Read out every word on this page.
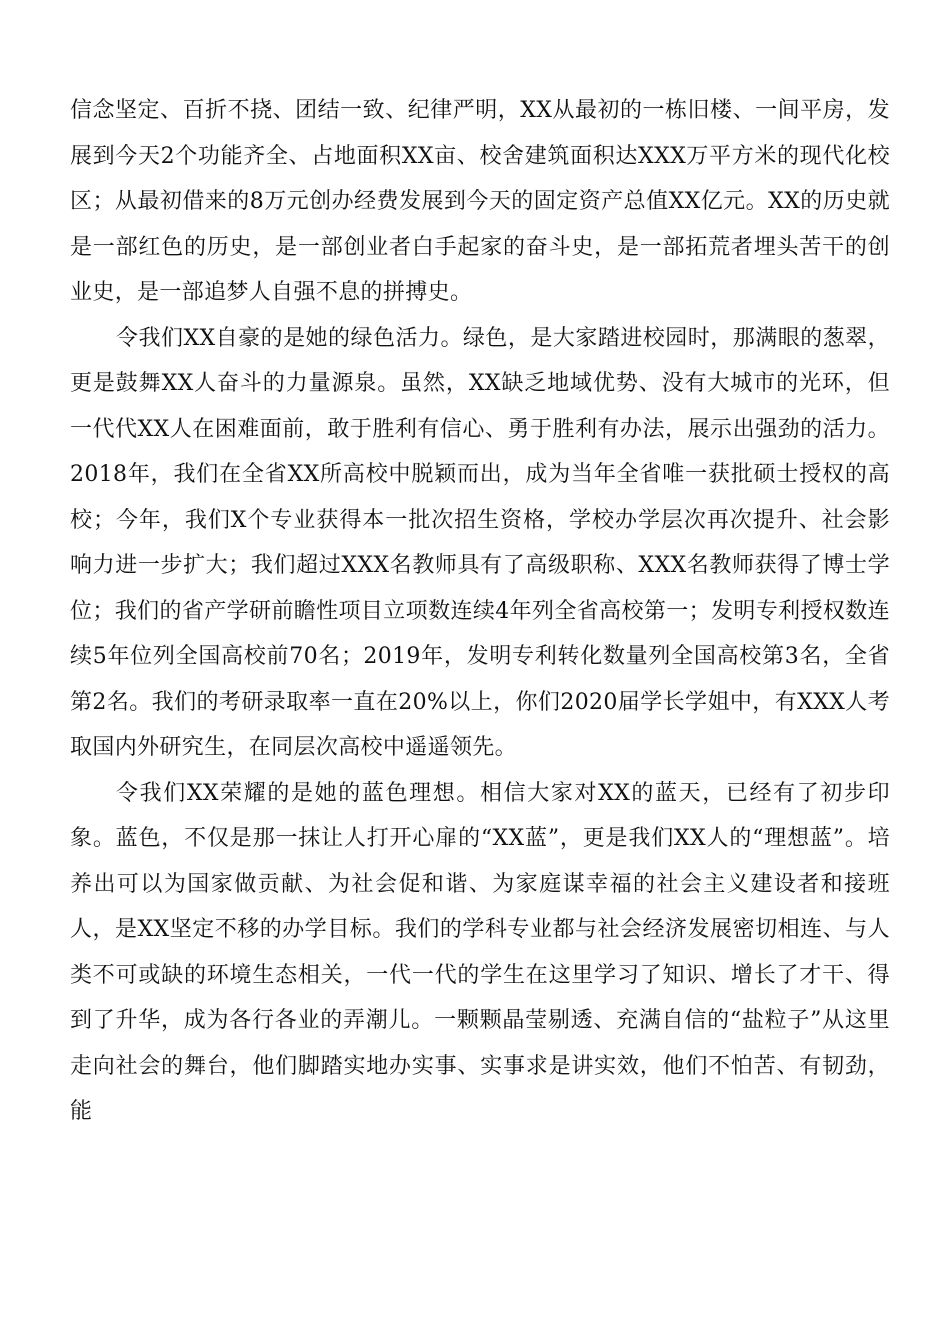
信念坚定、百折不挠、团结一致、纪律严明，XX从最初的一栋旧楼、一间平房，发展到今天2个功能齐全、占地面积XX亩、校舍建筑面积达XXX万平方米的现代化校区；从最初借来的8万元创办经费发展到今天的固定资产总值XX亿元。XX的历史就是一部红色的历史，是一部创业者白手起家的奋斗史，是一部拓荒者埋头苦干的创业史，是一部追梦人自强不息的拼搏史。

令我们XX自豪的是她的绿色活力。绿色，是大家踏进校园时，那满眼的葱翠，更是鼓舞XX人奋斗的力量源泉。虽然，XX缺乏地域优势、没有大城市的光环，但一代代XX人在困难面前，敢于胜利有信心、勇于胜利有办法，展示出强劲的活力。2018年，我们在全省XX所高校中脱颖而出，成为当年全省唯一获批硕士授权的高校；今年，我们X个专业获得本一批次招生资格，学校办学层次再次提升、社会影响力进一步扩大；我们超过XXX名教师具有了高级职称、XXX名教师获得了博士学位；我们的省产学研前瞻性项目立项数连续4年列全省高校第一；发明专利授权数连续5年位列全国高校前70名；2019年，发明专利转化数量列全国高校第3名，全省第2名。我们的考研录取率一直在20%以上，你们2020届学长学姐中，有XXX人考取国内外研究生，在同层次高校中遥遥领先。

令我们XX荣耀的是她的蓝色理想。相信大家对XX的蓝天，已经有了初步印象。蓝色，不仅是那一抹让人打开心扉的“XX蓝”，更是我们XX人的“理想蓝”。培养出可以为国家做贡献、为社会促和谐、为家庭谋幸福的社会主义建设者和接班人，是XX坚定不移的办学目标。我们的学科专业都与社会经济发展密切相连、与人类不可或缺的环境生态相关，一代一代的学生在这里学习了知识、增长了才干、得到了升华，成为各行各业的弄潮儿。一颗颗晶莹剔透、充满自信的“盐粒子”从这里走向社会的舞台，他们脚踏实地办实事、实事求是讲实效，他们不怕苦、有韧劲，能
